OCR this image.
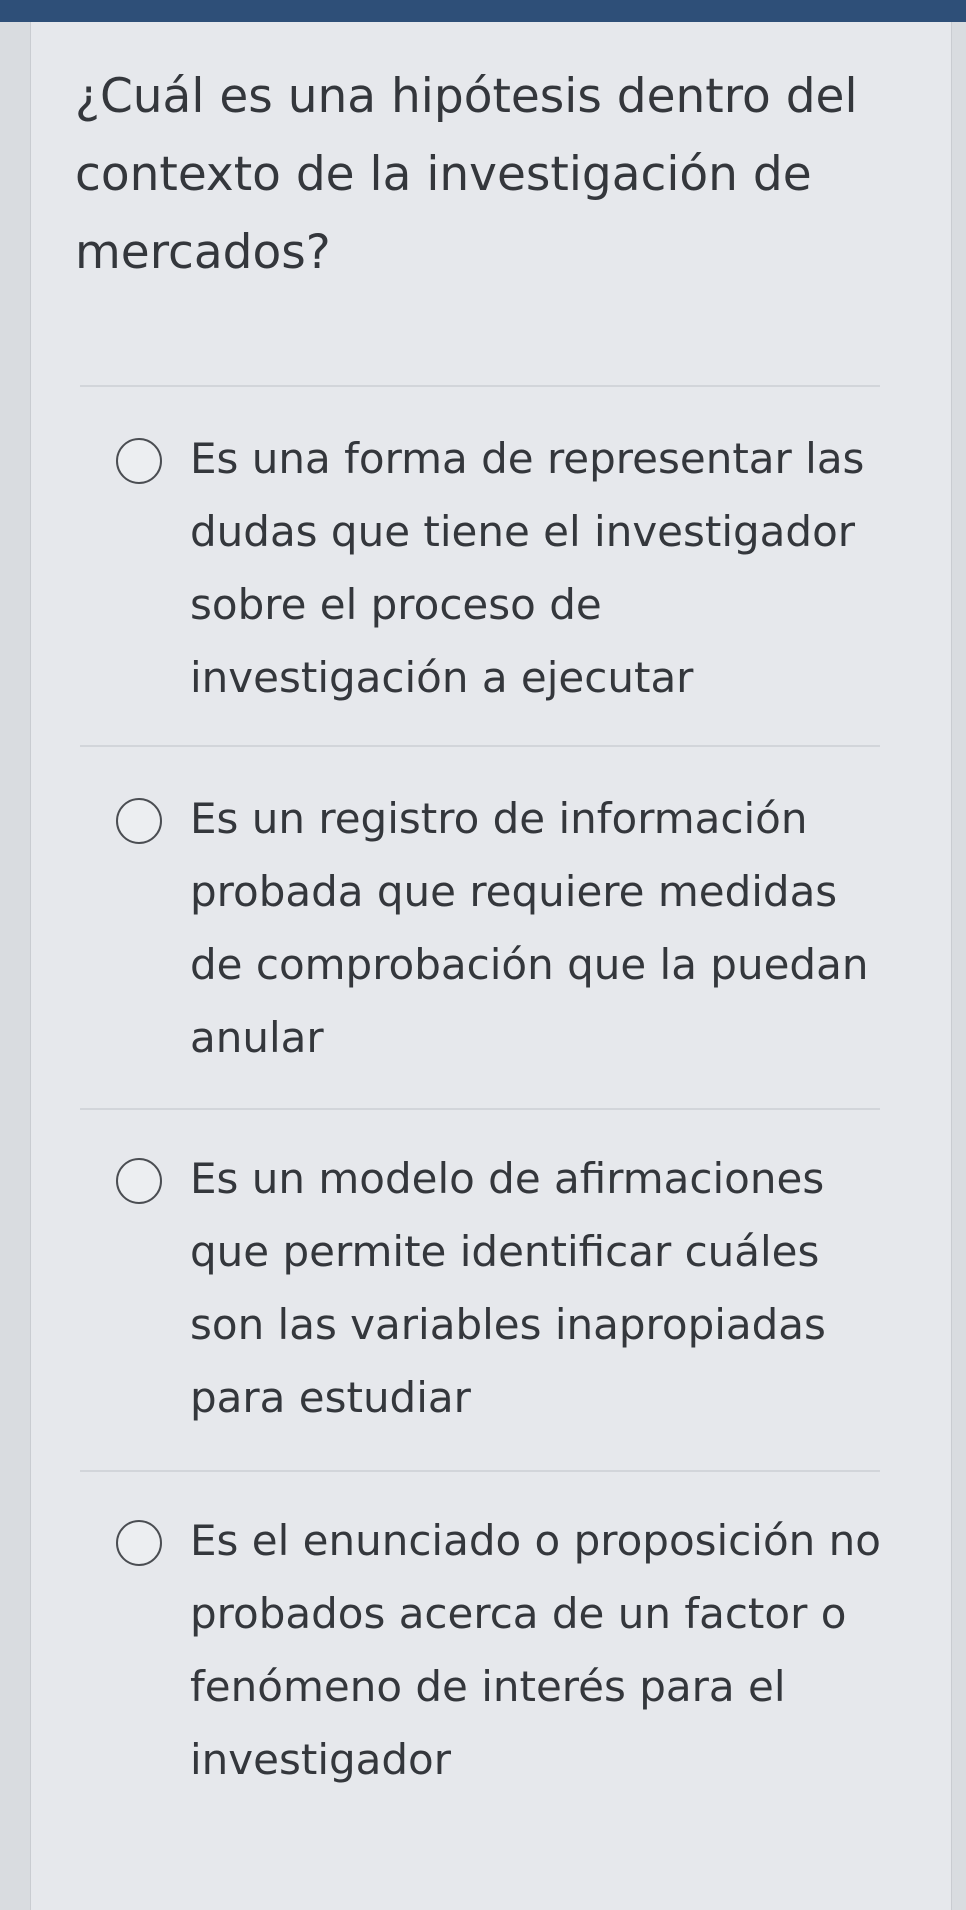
¿Cuál es una hipótesis dentro del contexto de la investigación de mercados?
Es una forma de representar las dudas que tiene el investigador sobre el proceso de investigación a ejecutar
Es un registro de información probada que requiere medidas de comprobación que la puedan anular
Es un modelo de afirmaciones que permite identificar cuáles son las variables inapropiadas para estudiar
Es el enunciado o proposición no probados acerca de un factor o fenómeno de interés para el investigador
